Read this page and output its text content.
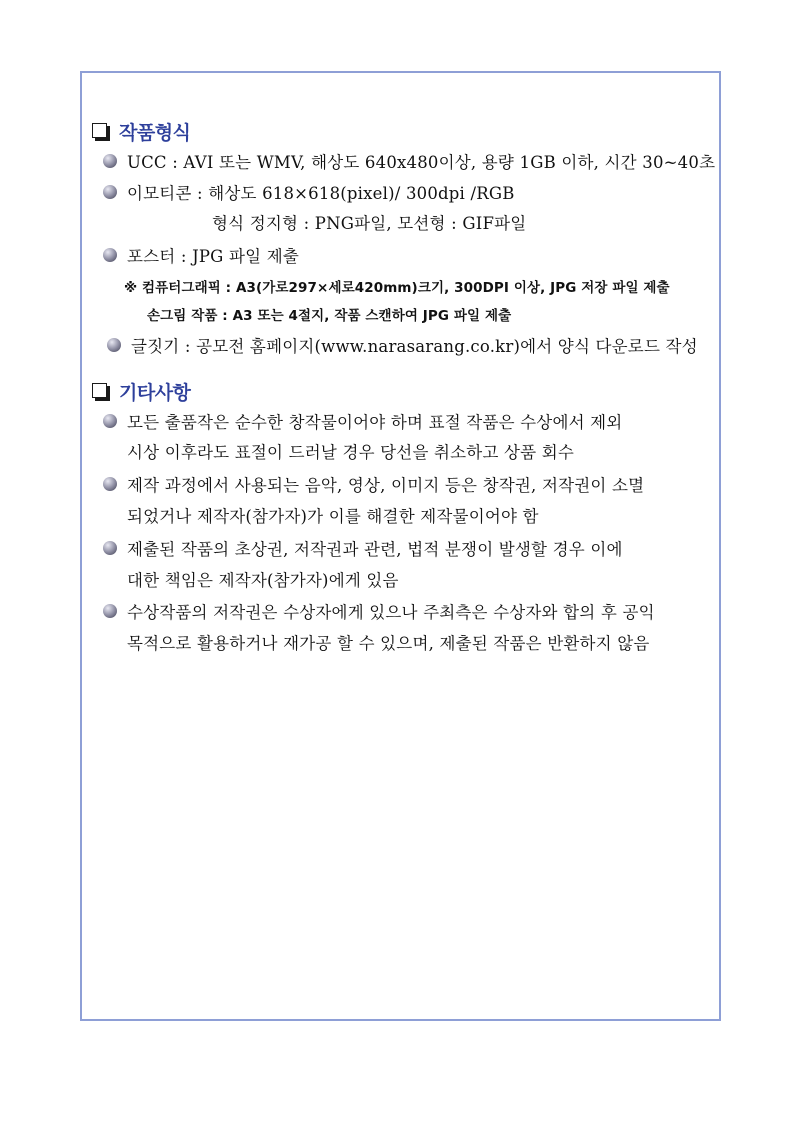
작품형식
UCC : AVI 또는 WMV, 해상도 640x480이상, 용량 1GB 이하, 시간 30~40초
이모티콘 : 해상도 618×618(pixel)/ 300dpi /RGB
형식 정지형 : PNG파일, 모션형 : GIF파일
포스터 : JPG 파일 제출
※ 컴퓨터그래픽 : A3(가로297×세로420mm)크기, 300DPI 이상, JPG 저장 파일 제출
손그림 작품 : A3 또는 4절지, 작품 스캔하여 JPG 파일 제출
글짓기 : 공모전 홈페이지(www.narasarang.co.kr)에서 양식 다운로드 작성
기타사항
모든 출품작은 순수한 창작물이어야 하며 표절 작품은 수상에서 제외
시상 이후라도 표절이 드러날 경우 당선을 취소하고 상품 회수
제작 과정에서 사용되는 음악, 영상, 이미지 등은 창작권, 저작권이 소멸
되었거나 제작자(참가자)가 이를 해결한 제작물이어야 함
제출된 작품의 초상권, 저작권과 관련, 법적 분쟁이 발생할 경우 이에
대한 책임은 제작자(참가자)에게 있음
수상작품의 저작권은 수상자에게 있으나 주최측은 수상자와 합의 후 공익
목적으로 활용하거나 재가공 할 수 있으며, 제출된 작품은 반환하지 않음
